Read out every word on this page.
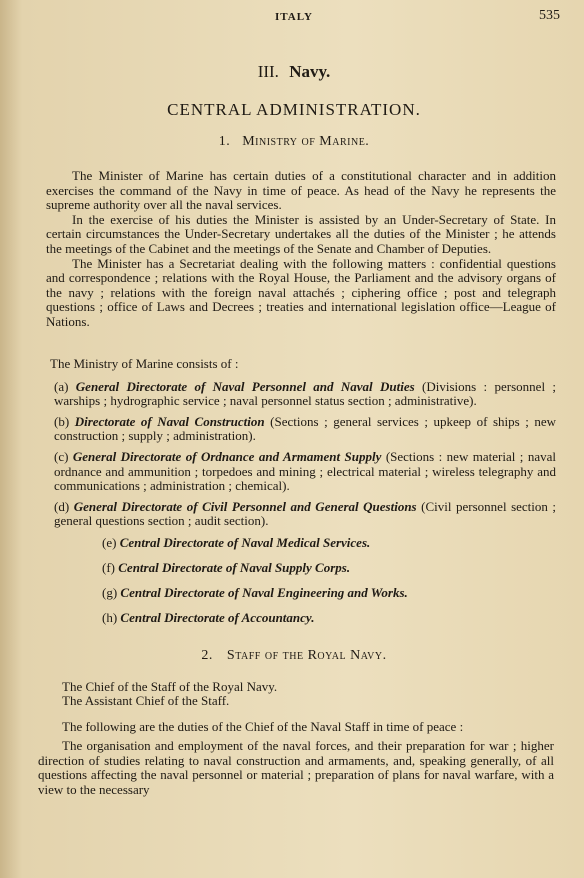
ITALY	535
III. Navy.
CENTRAL ADMINISTRATION.
1. Ministry of Marine.

The Minister of Marine has certain duties of a constitutional character and in addition exercises the command of the Navy in time of peace. As head of the Navy he represents the supreme authority over all the naval services.

In the exercise of his duties the Minister is assisted by an Under-Secretary of State. In certain circumstances the Under-Secretary undertakes all the duties of the Minister ; he attends the meetings of the Cabinet and the meetings of the Senate and Chamber of Deputies.

The Minister has a Secretariat dealing with the following matters : confidential questions and correspondence ; relations with the Royal House, the Parliament and the advisory organs of the navy ; relations with the foreign naval attachés ; ciphering office ; post and telegraph questions ; office of Laws and Decrees ; treaties and international legislation office—League of Nations.

The Ministry of Marine consists of :
(a) General Directorate of Naval Personnel and Naval Duties (Divisions : personnel ; warships ; hydrographic service ; naval personnel status section ; administrative).
(b) Directorate of Naval Construction (Sections ; general services ; upkeep of ships ; new construction ; supply ; administration).
(c) General Directorate of Ordnance and Armament Supply (Sections : new material ; naval ordnance and ammunition ; torpedoes and mining ; electrical material ; wireless telegraphy and communications ; administration ; chemical).
(d) General Directorate of Civil Personnel and General Questions (Civil personnel section ; general questions section ; audit section).
(e) Central Directorate of Naval Medical Services.
(f) Central Directorate of Naval Supply Corps.
(g) Central Directorate of Naval Engineering and Works.
(h) Central Directorate of Accountancy.
2. Staff of the Royal Navy.
The Chief of the Staff of the Royal Navy.
The Assistant Chief of the Staff.
The following are the duties of the Chief of the Naval Staff in time of peace :
The organisation and employment of the naval forces, and their preparation for war ; higher direction of studies relating to naval construction and armaments, and, speaking generally, of all questions affecting the naval personnel or material ; preparation of plans for naval warfare, with a view to the necessary
